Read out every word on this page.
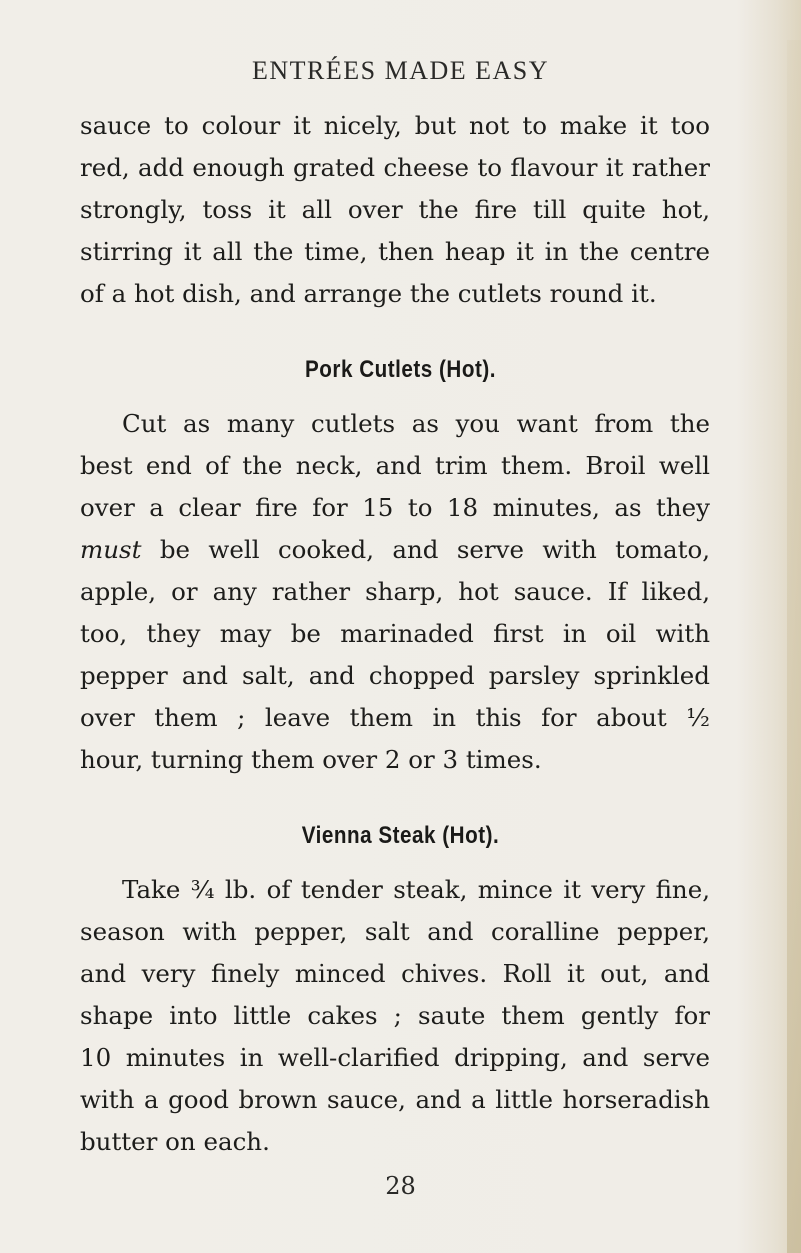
ENTRÉES MADE EASY
sauce to colour it nicely, but not to make it too
red, add enough grated cheese to flavour it rather
strongly, toss it all over the fire till quite hot,
stirring it all the time, then heap it in the centre
of a hot dish, and arrange the cutlets round it.
Pork Cutlets (Hot).
Cut as many cutlets as you want from the
best end of the neck, and trim them. Broil well
over a clear fire for 15 to 18 minutes, as they
must be well cooked, and serve with tomato,
apple, or any rather sharp, hot sauce. If liked,
too, they may be marinaded first in oil with
pepper and salt, and chopped parsley sprinkled
over them ; leave them in this for about ½
hour, turning them over 2 or 3 times.
Vienna Steak (Hot).
Take ¾ lb. of tender steak, mince it very fine,
season with pepper, salt and coralline pepper,
and very finely minced chives. Roll it out, and
shape into little cakes ; saute them gently for
10 minutes in well-clarified dripping, and serve
with a good brown sauce, and a little horseradish
butter on each.
28
